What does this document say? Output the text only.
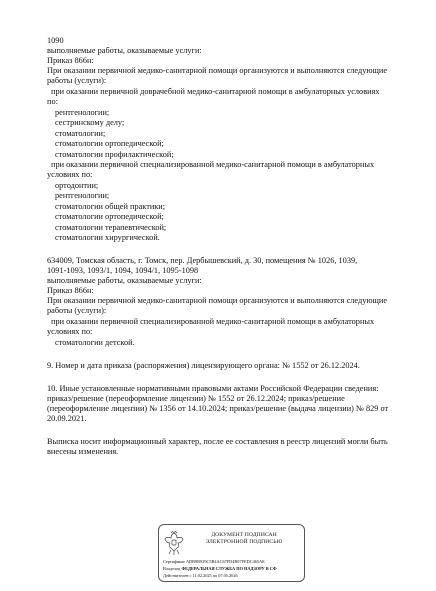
1090
выполняемые работы, оказываемые услуги:
Приказ 866н:
При оказании первичной медико-санитарной помощи организуются и выполняются следующие
работы (услуги):
при оказании первичной доврачебной медико-санитарной помощи в амбулаторных условиях
по:
рентгенологии;
сестринскому делу;
стоматологии;
стоматологии ортопедической;
стоматологии профилактической;
при оказании первичной специализированной медико-санитарной помощи в амбулаторных
условиях по:
ортодонтии;
рентгенологии;
стоматологии общей практики;
стоматологии ортопедической;
стоматологии терапевтической;
стоматологии хирургической.
634009, Томская область, г. Томск, пер. Дербышевский, д. 30, помещения № 1026, 1039,
1091-1093, 1093/1, 1094, 1094/1, 1095-1098
выполняемые работы, оказываемые услуги:
Приказ 866н:
При оказании первичной медико-санитарной помощи организуются и выполняются следующие
работы (услуги):
при оказании первичной специализированной медико-санитарной помощи в амбулаторных
условиях по:
стоматологии детской.
9. Номер и дата приказа (распоряжения) лицензирующего органа: № 1552 от 26.12.2024.
10. Иные установленные нормативными правовыми актами Российской Федерации сведения:
приказ/решение (переоформление лицензии) № 1552 от 26.12.2024; приказ/решение
(переоформление лицензии) № 1356 от 14.10.2024; приказ/решение (выдача лицензии) № 829 от
20.09.2021.
Выписка носит информационный характер, после ее составления в реестр лицензий могли быть
внесены изменения.
ДОКУМЕНТ ПОДПИСАН
ЭЛЕКТРОННОЙ ПОДПИСЬЮ
Сертификат ADB9B929C5B4AC67FD4B07FEDC465AE
Владелец ФЕДЕРАЛЬНАЯ СЛУЖБА ПО НАДЗОРУ В СФ
Действителен с 11.02.2025 по 07.05.2026
